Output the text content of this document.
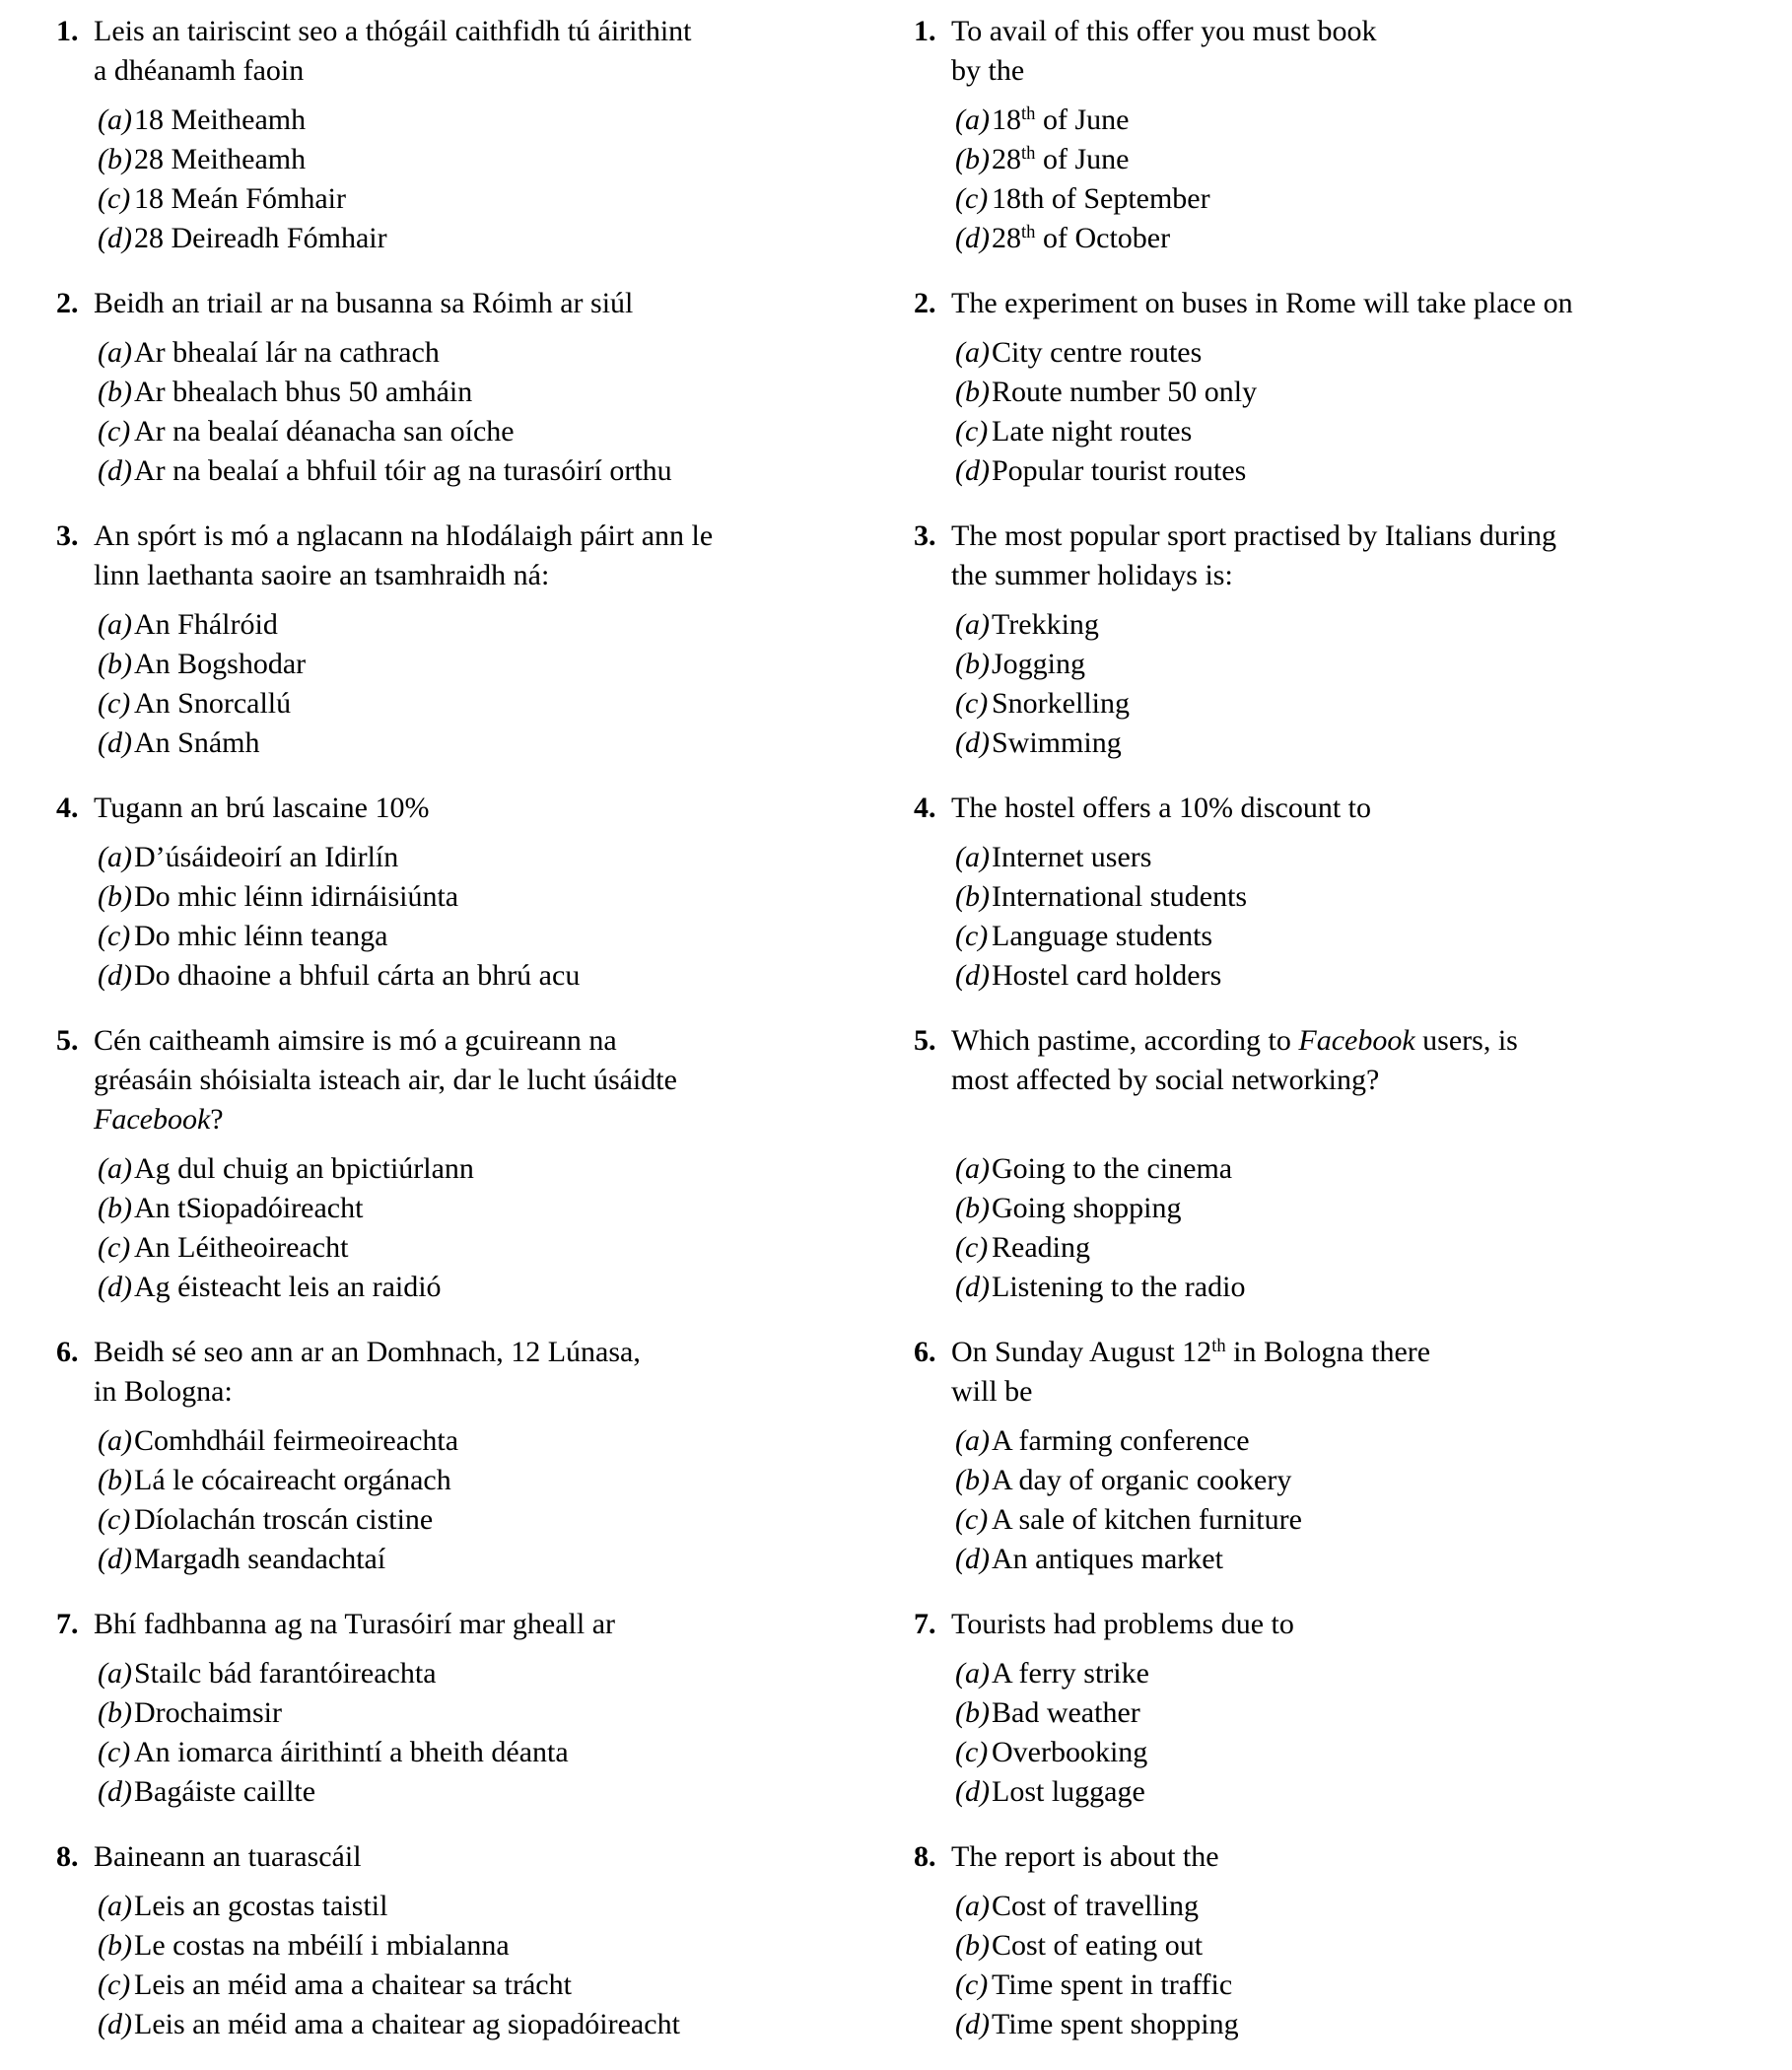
1. Leis an tairiscint seo a thógáil caithfidh tú áirithint
a dhéanamh faoin
(a) 18 Meitheamh
(b) 28 Meitheamh
(c) 18 Meán Fómhair
(d) 28 Deireadh Fómhair
1. To avail of this offer you must book
by the
(a) 18th of June
(b) 28th of June
(c) 18th of September
(d) 28th of October
2. Beidh an triail ar na busanna sa Róimh ar siúl
(a) Ar bhealaí lár na cathrach
(b) Ar bhealach bhus 50 amháin
(c) Ar na bealaí déanacha san oíche
(d) Ar na bealaí a bhfuil tóir ag na turasóirí orthu
2. The experiment on buses in Rome will take place on
(a) City centre routes
(b) Route number 50 only
(c) Late night routes
(d) Popular tourist routes
3. An spórt is mó a nglacann na hIodálaigh páirt ann le
linn laethanta saoire an tsamhraidh ná:
(a) An Fhálróid
(b) An Bogshodar
(c) An Snorcallú
(d) An Snámh
3. The most popular sport practised by Italians during
the summer holidays is:
(a) Trekking
(b) Jogging
(c) Snorkelling
(d) Swimming
4. Tugann an brú lascaine 10%
(a) D’úsáideoirí an Idirlín
(b) Do mhic léinn idirnáisiúnta
(c) Do mhic léinn teanga
(d) Do dhaoine a bhfuil cárta an bhrú acu
4. The hostel offers a 10% discount to
(a) Internet users
(b) International students
(c) Language students
(d) Hostel card holders
5. Cén caitheamh aimsire is mó a gcuireann na
gréasáin shóisialta isteach air, dar le lucht úsáidte
Facebook?
(a) Ag dul chuig an bpictiúrlann
(b) An tSiopadóireacht
(c) An Léitheoireacht
(d) Ag éisteacht leis an raidió
5. Which pastime, according to Facebook users, is
most affected by social networking?
(a) Going to the cinema
(b) Going shopping
(c) Reading
(d) Listening to the radio
6. Beidh sé seo ann ar an Domhnach, 12 Lúnasa,
in Bologna:
(a) Comhdháil feirmeoireachta
(b) Lá le cócaireacht orgánach
(c) Díolachán troscán cistine
(d) Margadh seandachtaí
6. On Sunday August 12th in Bologna there
will be
(a) A farming conference
(b) A day of organic cookery
(c) A sale of kitchen furniture
(d) An antiques market
7. Bhí fadhbanna ag na Turasóirí mar gheall ar
(a) Stailc bád farantóireachta
(b) Drochaimsir
(c) An iomarca áirithintí a bheith déanta
(d) Bagáiste caillte
7. Tourists had problems due to
(a) A ferry strike
(b) Bad weather
(c) Overbooking
(d) Lost luggage
8. Baineann an tuarascáil
(a) Leis an gcostas taistil
(b) Le costas na mbéilí i mbialanna
(c) Leis an méid ama a chaitear sa trácht
(d) Leis an méid ama a chaitear ag siopadóireacht
8. The report is about the
(a) Cost of travelling
(b) Cost of eating out
(c) Time spent in traffic
(d) Time spent shopping
